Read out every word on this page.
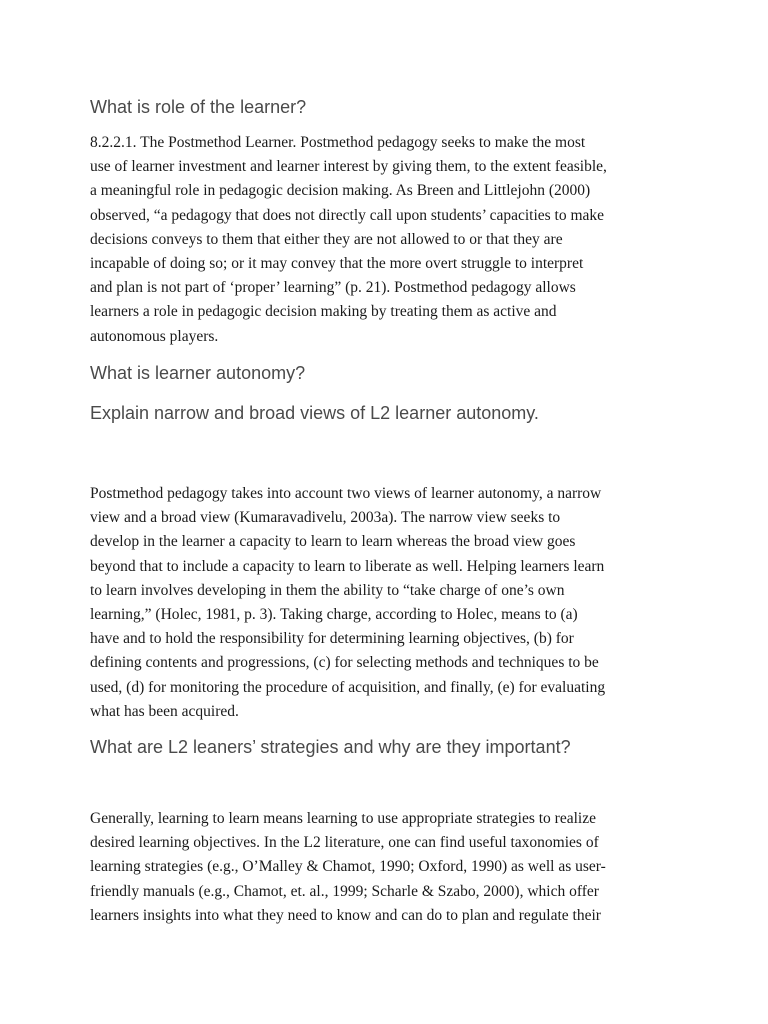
What is role of the learner?
8.2.2.1. The Postmethod Learner. Postmethod pedagogy seeks to make the most
use of learner investment and learner interest by giving them, to the extent feasible,
a meaningful role in pedagogic decision making. As Breen and Littlejohn (2000)
observed, “a pedagogy that does not directly call upon students’ capacities to make
decisions conveys to them that either they are not allowed to or that they are
incapable of doing so; or it may convey that the more overt struggle to interpret
and plan is not part of ‘proper’ learning” (p. 21). Postmethod pedagogy allows
learners a role in pedagogic decision making by treating them as active and
autonomous players.
What is learner autonomy?
Explain narrow and broad views of L2 learner autonomy.
Postmethod pedagogy takes into account two views of learner autonomy, a narrow
view and a broad view (Kumaravadivelu, 2003a). The narrow view seeks to
develop in the learner a capacity to learn to learn whereas the broad view goes
beyond that to include a capacity to learn to liberate as well. Helping learners learn
to learn involves developing in them the ability to “take charge of one’s own
learning,” (Holec, 1981, p. 3). Taking charge, according to Holec, means to (a)
have and to hold the responsibility for determining learning objectives, (b) for
defining contents and progressions, (c) for selecting methods and techniques to be
used, (d) for monitoring the procedure of acquisition, and finally, (e) for evaluating
what has been acquired.
What are L2 leaners’ strategies and why are they important?
Generally, learning to learn means learning to use appropriate strategies to realize
desired learning objectives. In the L2 literature, one can find useful taxonomies of
learning strategies (e.g., O’Malley & Chamot, 1990; Oxford, 1990) as well as user-
friendly manuals (e.g., Chamot, et. al., 1999; Scharle & Szabo, 2000), which offer
learners insights into what they need to know and can do to plan and regulate their
